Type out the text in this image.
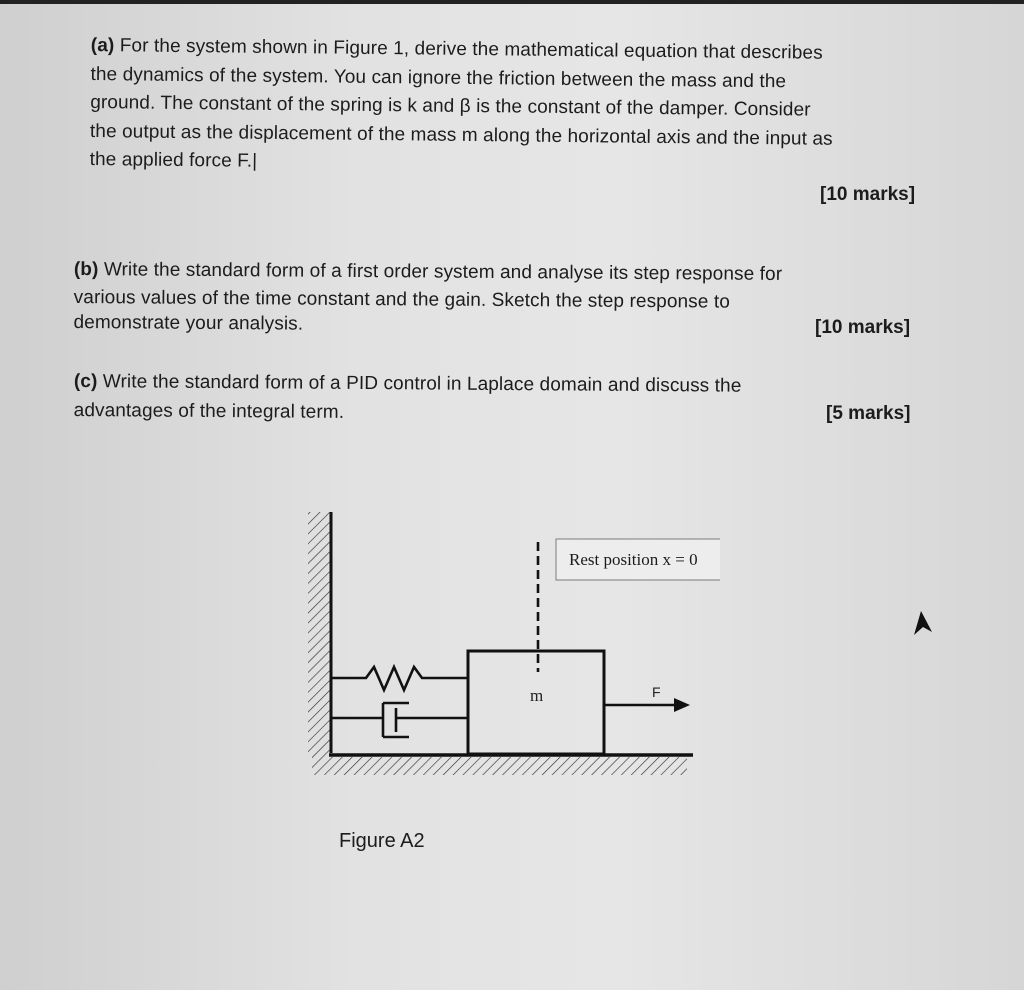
(a) For the system shown in Figure 1, derive the mathematical equation that describes
the dynamics of the system. You can ignore the friction between the mass and the
ground. The constant of the spring is k and β is the constant of the damper. Consider
the output as the displacement of the mass m along the horizontal axis and the input as
the applied force F.|
[10 marks]
(b) Write the standard form of a first order system and analyse its step response for
various values of the time constant and the gain. Sketch the step response to
demonstrate your analysis.	[10 marks]
(c) Write the standard form of a PID control in Laplace domain and discuss the
advantages of the integral term.	[5 marks]
m
Rest position x = 0
F
Figure A2
